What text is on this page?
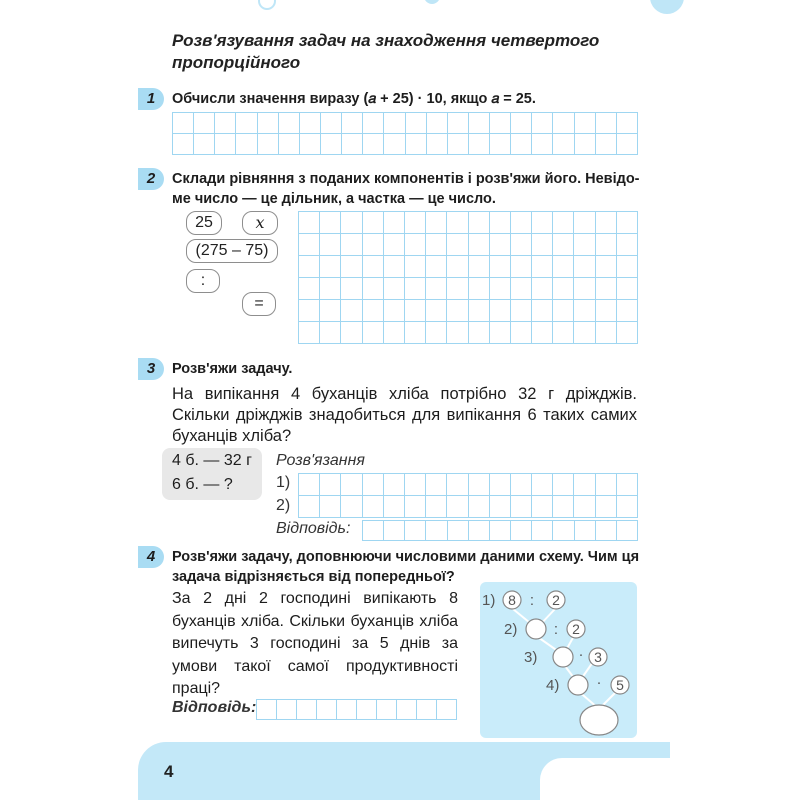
Розв'язування задач на знаходження четвертого
пропорційного
1	Обчисли значення виразу (𝑎 + 25) · 10, якщо 𝑎 = 25.
2	Склади рівняння з поданих компонентів і розв'яжи його. Невідо-
ме число — це дільник, а частка — це число.
25	𝑥
(275 – 75)
:
=
3	Розв'яжи задачу.
На випікання 4 буханців хліба потрібно 32 г дріжджів. Скільки дріжджів знадобиться для випікання 6 таких самих буханців хліба?
4 б. — 32 г
6 б. — ?
Розв'язання
1)
2)
Відповідь:
4	Розв'яжи задачу, доповнюючи числовими даними схему. Чим ця
задача відрізняється від попередньої?
За 2 дні 2 господині випікають 8 буханців хліба. Скільки буханців хліба випечуть 3 господині за 5 днів за умови такої самої продуктивності праці?
Відповідь:
1) 8 : 2
2) : 2
3)	· 3
4) · 5
4
